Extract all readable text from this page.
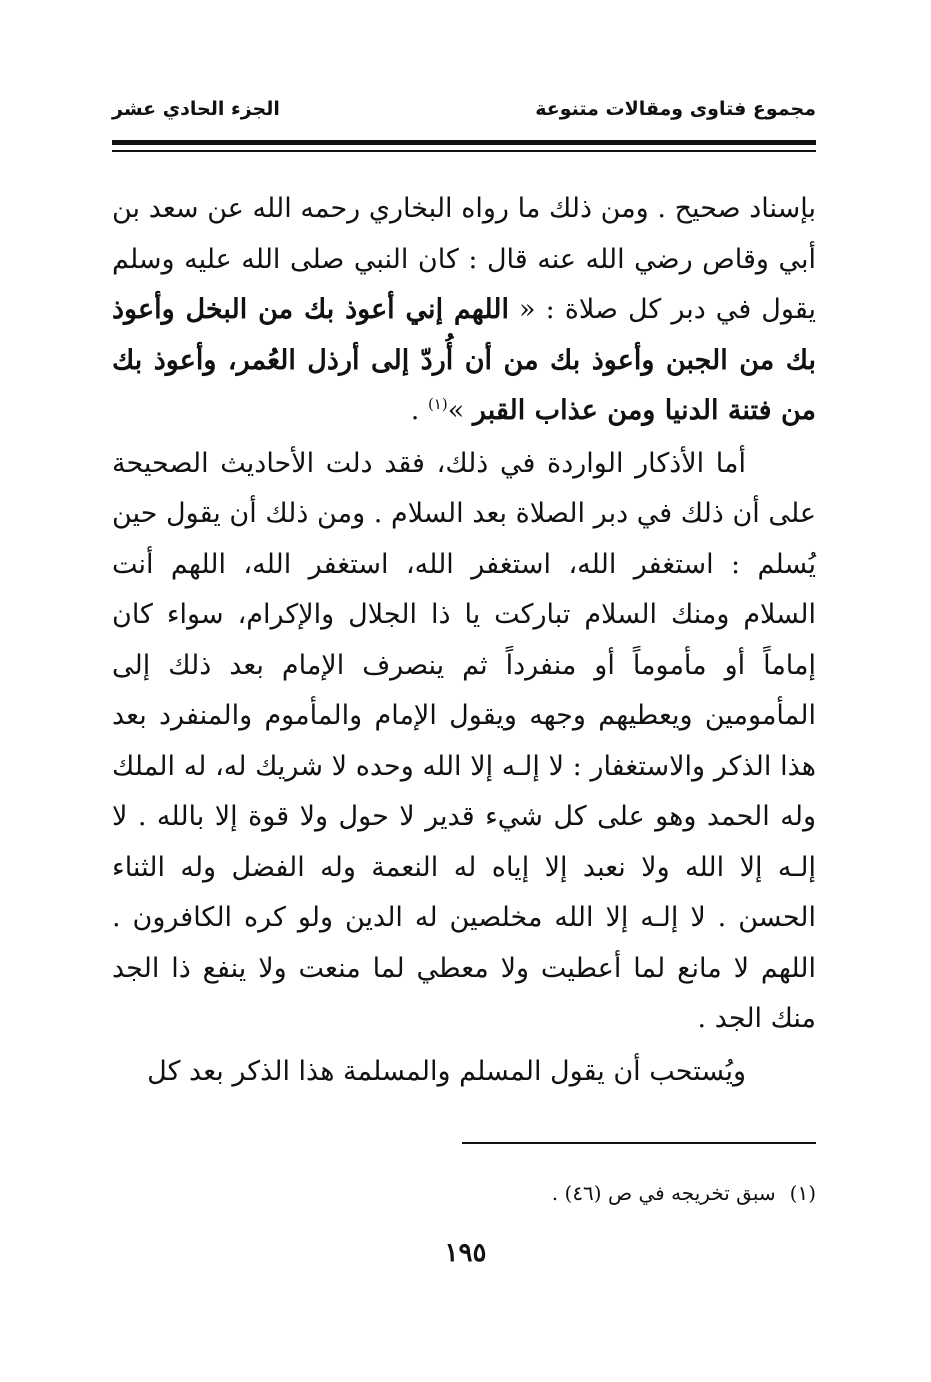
مجموع فتاوى ومقالات متنوعة
الجزء الحادي عشر

بإسناد صحيح . ومن ذلك ما رواه البخاري رحمه الله عن سعد بن أبي وقاص رضي الله عنه قال : كان النبي صلى الله عليه وسلم يقول في دبر كل صلاة : « اللهم إني أعوذ بك من البخل وأعوذ بك من الجبن وأعوذ بك من أن أُردّ إلى أرذل العُمر، وأعوذ بك من فتنة الدنيا ومن عذاب القبر »$^{(١)}$ .

أما الأذكار الواردة في ذلك، فقد دلت الأحاديث الصحيحة على أن ذلك في دبر الصلاة بعد السلام . ومن ذلك أن يقول حين يُسلم : استغفر الله، استغفر الله، استغفر الله، اللهم أنت السلام ومنك السلام تباركت يا ذا الجلال والإكرام، سواء كان إماماً أو مأموماً أو منفرداً ثم ينصرف الإمام بعد ذلك إلى المأمومين ويعطيهم وجهه ويقول الإمام والمأموم والمنفرد بعد هذا الذكر والاستغفار : لا إلـه إلا الله وحده لا شريك له، له الملك وله الحمد وهو على كل شيء قدير لا حول ولا قوة إلا بالله . لا إلـه إلا الله ولا نعبد إلا إياه له النعمة وله الفضل وله الثناء الحسن . لا إلـه إلا الله مخلصين له الدين ولو كره الكافرون . اللهم لا مانع لما أعطيت ولا معطي لما منعت ولا ينفع ذا الجد منك الجد .

ويُستحب أن يقول المسلم والمسلمة هذا الذكر بعد كل

(١)سبق تخريجه في ص (٤٦) .
١٩٥
